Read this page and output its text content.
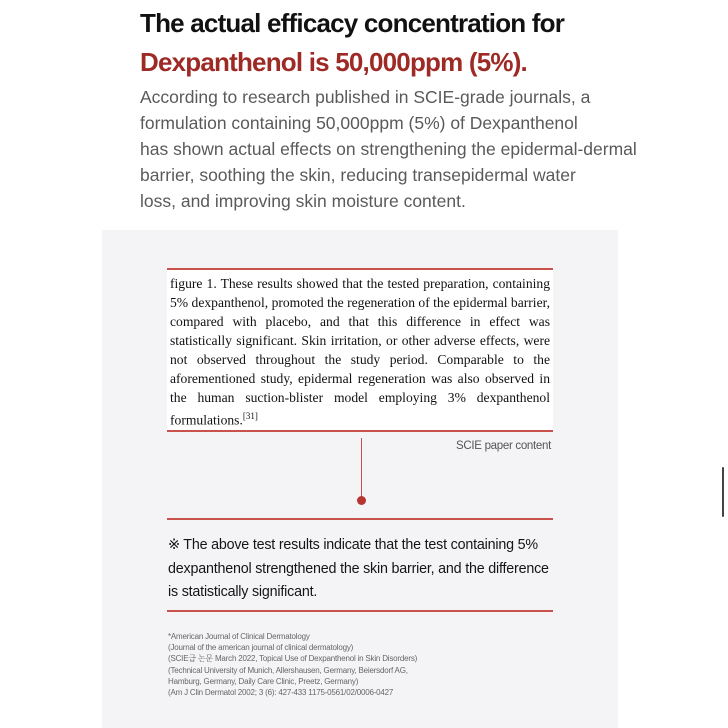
The actual efficacy concentration for
Dexpanthenol is 50,000ppm (5%).
According to research published in SCIE-grade journals, a
formulation containing 50,000ppm (5%) of Dexpanthenol
has shown actual effects on strengthening the epidermal-dermal
barrier, soothing the skin, reducing transepidermal water
loss, and improving skin moisture content.

figure 1. These results showed that the tested preparation, containing 5% dexpanthenol, promoted the regeneration of the epidermal barrier, compared with placebo, and that this difference in effect was statistically significant. Skin irritation, or other adverse effects, were not observed throughout the study period. Comparable to the aforementioned study, epidermal regeneration was also observed in the human suction-blister model employing 3% dexpanthenol formulations.[31]

SCIE paper content
※ The above test results indicate that the test containing 5%
dexpanthenol strengthened the skin barrier, and the difference
is statistically significant.
*American Journal of Clinical Dermatology
(Journal of the american journal of clinical dermatology)
(SCIE급 논문 March 2022, Topical Use of Dexpanthenol in Skin Disorders)
(Technical University of Munich, Allershausen, Germany, Beiersdorf AG,
Hamburg, Germany, Daily Care Clinic, Preetz, Germany)
(Am J Clin Dermatol 2002; 3 (6): 427-433 1175-0561/02/0006-0427
